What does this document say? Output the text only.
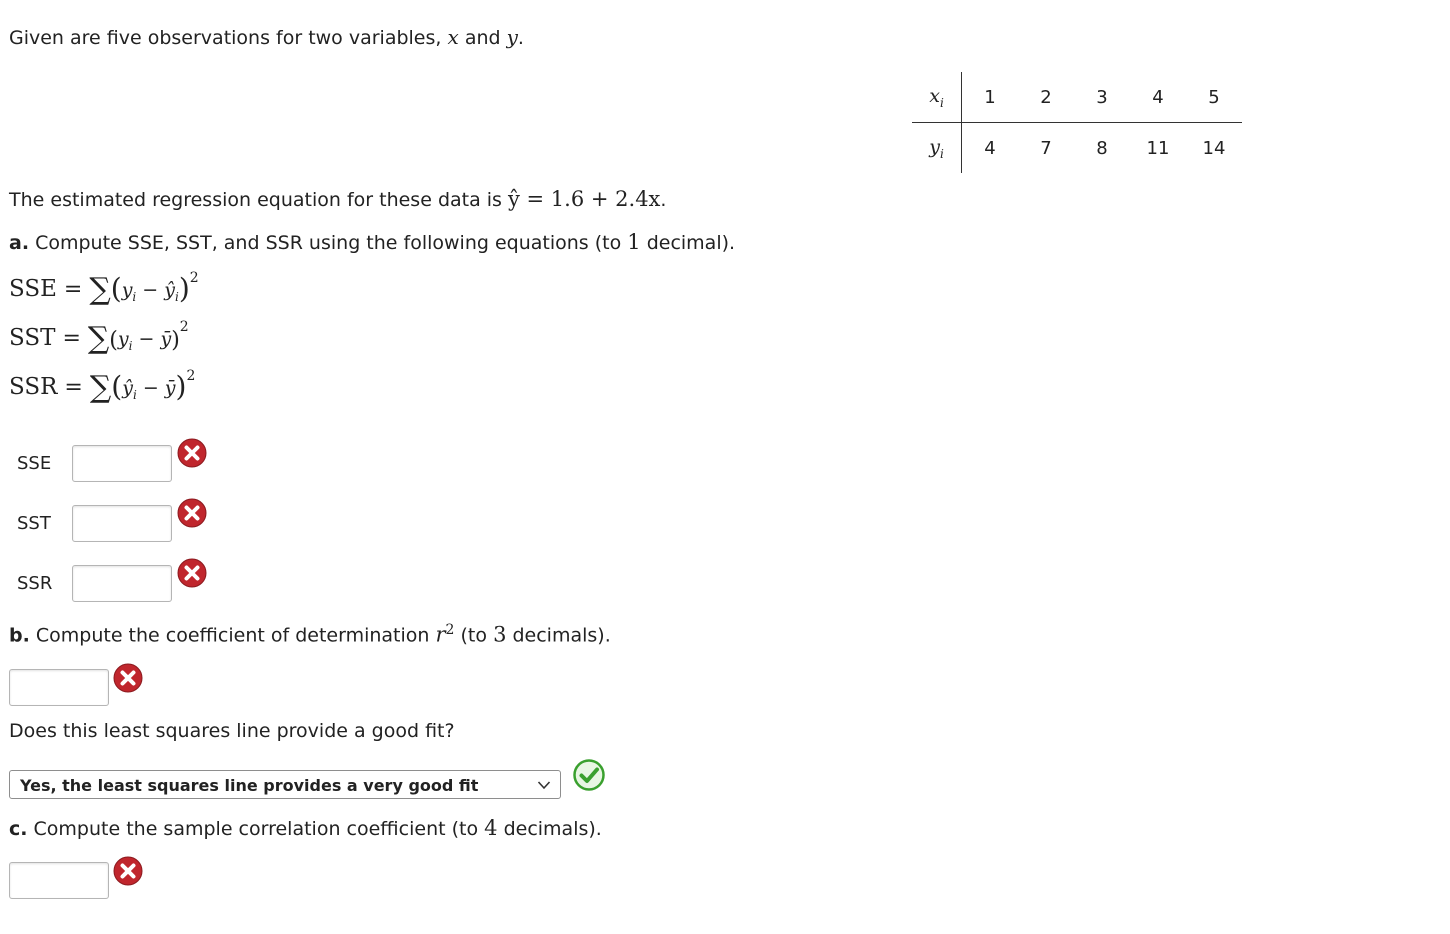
Given are five observations for two variables, x and y.
$x_i$	1	2	3	4	5
$y_i$	4	7	8	11	14
The estimated regression equation for these data is ŷ = 1.6 + 2.4x.
a. Compute SSE, SST, and SSR using the following equations (to 1 decimal).
SSE = $\sum(y_i$ − $ŷ_i)^2$
SST = $\sum(y_i$ − ȳ)$^2$
SSR = $\sum(ŷ_i$ − ȳ)$^2$
SSE
SST
SSR
b. Compute the coefficient of determination $r^2$ (to 3 decimals).
Does this least squares line provide a good fit?
Yes, the least squares line provides a very good fit
c. Compute the sample correlation coefficient (to 4 decimals).
